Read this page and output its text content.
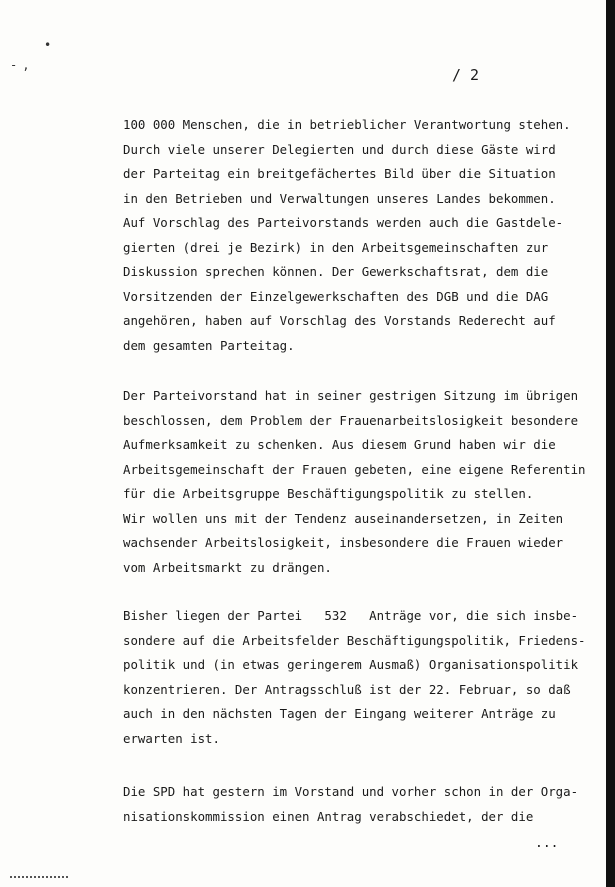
•
-
ʼ	/ 2
100 000 Menschen, die in betrieblicher Verantwortung stehen.
Durch viele unserer Delegierten und durch diese Gäste wird
der Parteitag ein breitgefächertes Bild über die Situation
in den Betrieben und Verwaltungen unseres Landes bekommen.
Auf Vorschlag des Parteivorstands werden auch die Gastdele-
gierten (drei je Bezirk) in den Arbeitsgemeinschaften zur
Diskussion sprechen können. Der Gewerkschaftsrat, dem die
Vorsitzenden der Einzelgewerkschaften des DGB und die DAG
angehören, haben auf Vorschlag des Vorstands Rederecht auf
dem gesamten Parteitag.
Der Parteivorstand hat in seiner gestrigen Sitzung im übrigen
beschlossen, dem Problem der Frauenarbeitslosigkeit besondere
Aufmerksamkeit zu schenken. Aus diesem Grund haben wir die
Arbeitsgemeinschaft der Frauen gebeten, eine eigene Referentin
für die Arbeitsgruppe Beschäftigungspolitik zu stellen.
Wir wollen uns mit der Tendenz auseinandersetzen, in Zeiten
wachsender Arbeitslosigkeit, insbesondere die Frauen wieder
vom Arbeitsmarkt zu drängen.
Bisher liegen der Partei   532   Anträge vor, die sich insbe-
sondere auf die Arbeitsfelder Beschäftigungspolitik, Friedens-
politik und (in etwas geringerem Ausmaß) Organisationspolitik
konzentrieren. Der Antragsschluß ist der 22. Februar, so daß
auch in den nächsten Tagen der Eingang weiterer Anträge zu
erwarten ist.
Die SPD hat gestern im Vorstand und vorher schon in der Orga-
nisationskommission einen Antrag verabschiedet, der die
...
